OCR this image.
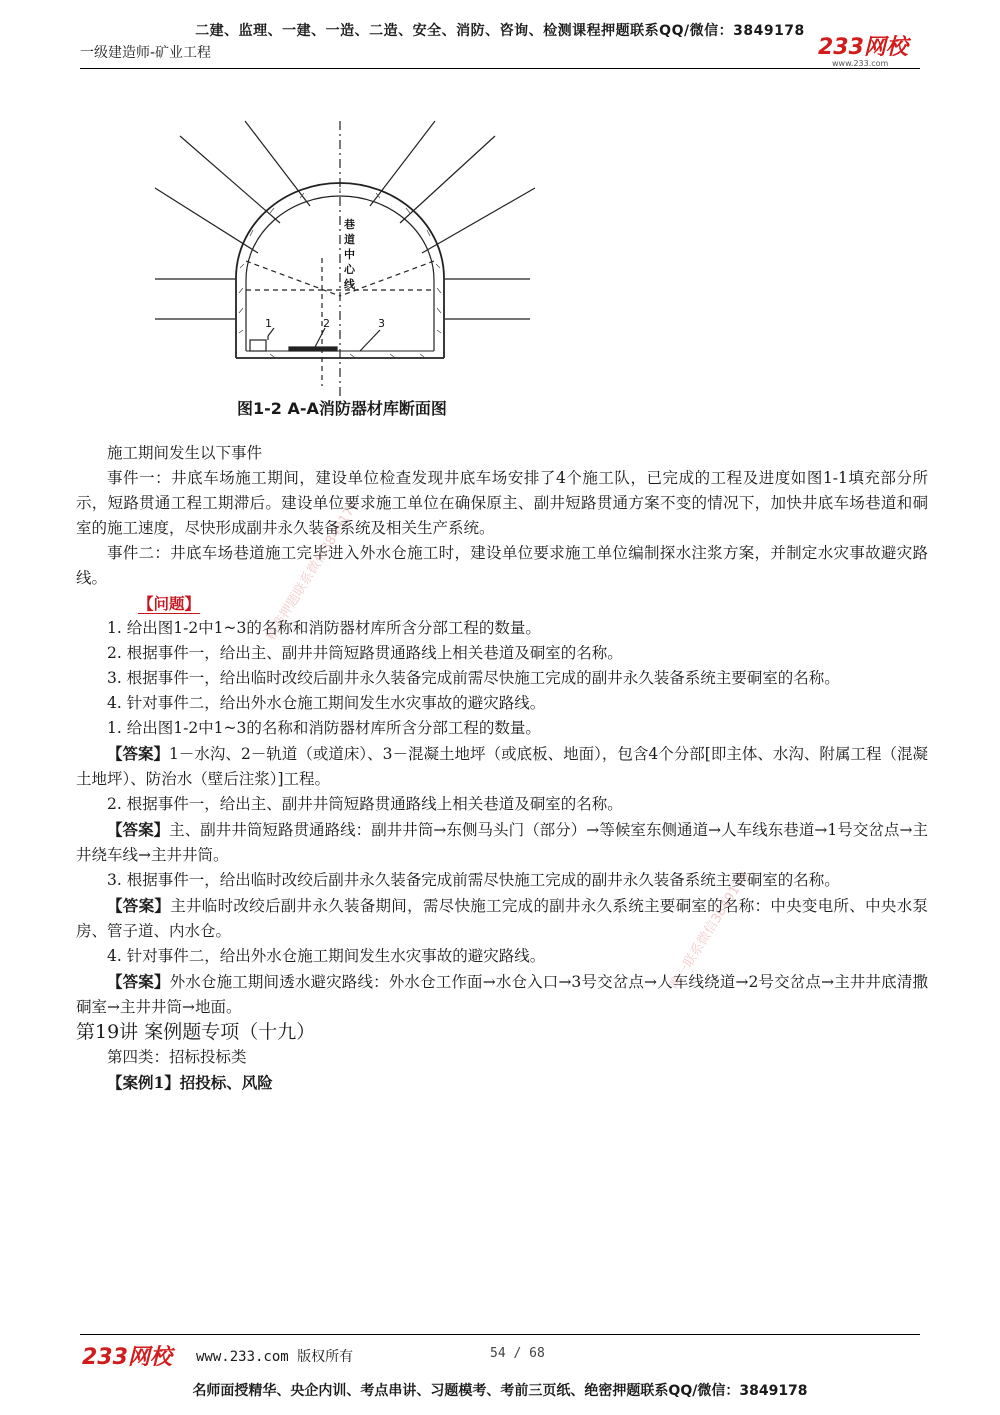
二建、监理、一建、一造、二造、安全、消防、咨询、检测课程押题联系QQ/微信：3849178
一级建造师-矿业工程	233网校
www.233.com
巷
道
中
心
线
1	2	3
图1-2 A-A消防器材库断面图
精准押题联系微信3849178
唯一联系微信3849178

施工期间发生以下事件

事件一：井底车场施工期间，建设单位检查发现井底车场安排了4个施工队，已完成的工程及进度如图1-1填充部分所示，短路贯通工程工期滞后。建设单位要求施工单位在确保原主、副井短路贯通方案不变的情况下，加快井底车场巷道和硐室的施工速度，尽快形成副井永久装备系统及相关生产系统。

事件二：井底车场巷道施工完毕进入外水仓施工时，建设单位要求施工单位编制探水注浆方案，并制定水灾事故避灾路线。

【问题】

1. 给出图1-2中1~3的名称和消防器材库所含分部工程的数量。

2. 根据事件一，给出主、副井井筒短路贯通路线上相关巷道及硐室的名称。

3. 根据事件一，给出临时改绞后副井永久装备完成前需尽快施工完成的副井永久装备系统主要硐室的名称。

4. 针对事件二，给出外水仓施工期间发生水灾事故的避灾路线。

1. 给出图1-2中1~3的名称和消防器材库所含分部工程的数量。

【答案】1－水沟、2－轨道（或道床）、3－混凝土地坪（或底板、地面），包含4个分部[即主体、水沟、附属工程（混凝土地坪）、防治水（壁后注浆）]工程。

2. 根据事件一，给出主、副井井筒短路贯通路线上相关巷道及硐室的名称。

【答案】主、副井井筒短路贯通路线：副井井筒→东侧马头门（部分）→等候室东侧通道→人车线东巷道→1号交岔点→主井绕车线→主井井筒。

3. 根据事件一，给出临时改绞后副井永久装备完成前需尽快施工完成的副井永久装备系统主要硐室的名称。

【答案】主井临时改绞后副井永久装备期间，需尽快施工完成的副井永久系统主要硐室的名称：中央变电所、中央水泵房、管子道、内水仓。

4. 针对事件二，给出外水仓施工期间发生水灾事故的避灾路线。

【答案】外水仓施工期间透水避灾路线：外水仓工作面→水仓入口→3号交岔点→人车线绕道→2号交岔点→主井井底清撒硐室→主井井筒→地面。

第19讲 案例题专项（十九）

第四类：招标投标类

【案例1】招投标、风险

233网校 www.233.com 版权所有	54 / 68
名师面授精华、央企内训、考点串讲、习题模考、考前三页纸、绝密押题联系QQ/微信：3849178
